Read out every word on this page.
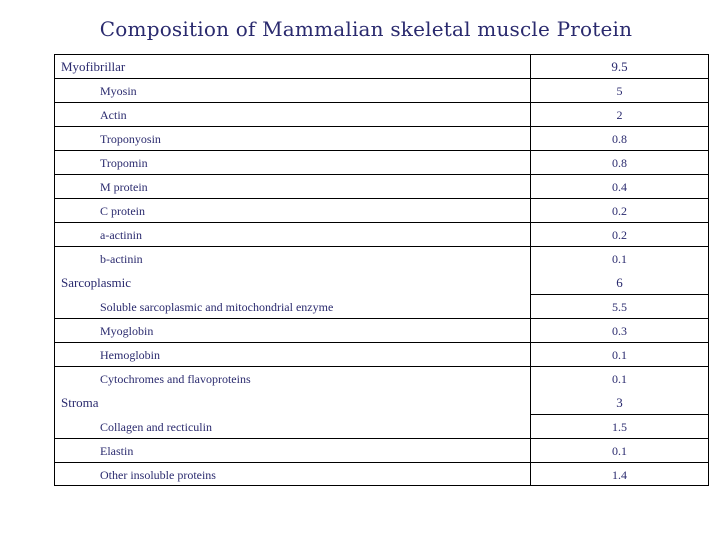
Composition of Mammalian skeletal muscle Protein
Myofibrillar	9.5
Myosin	5
Actin	2
Troponyosin	0.8
Tropomin	0.8
M protein	0.4
C protein	0.2
a-actinin	0.2
b-actinin	0.1
Sarcoplasmic	6
Soluble sarcoplasmic and mitochondrial enzyme	5.5
Myoglobin	0.3
Hemoglobin	0.1
Cytochromes and flavoproteins	0.1
Stroma	3
Collagen and recticulin	1.5
Elastin	0.1
Other insoluble proteins	1.4
